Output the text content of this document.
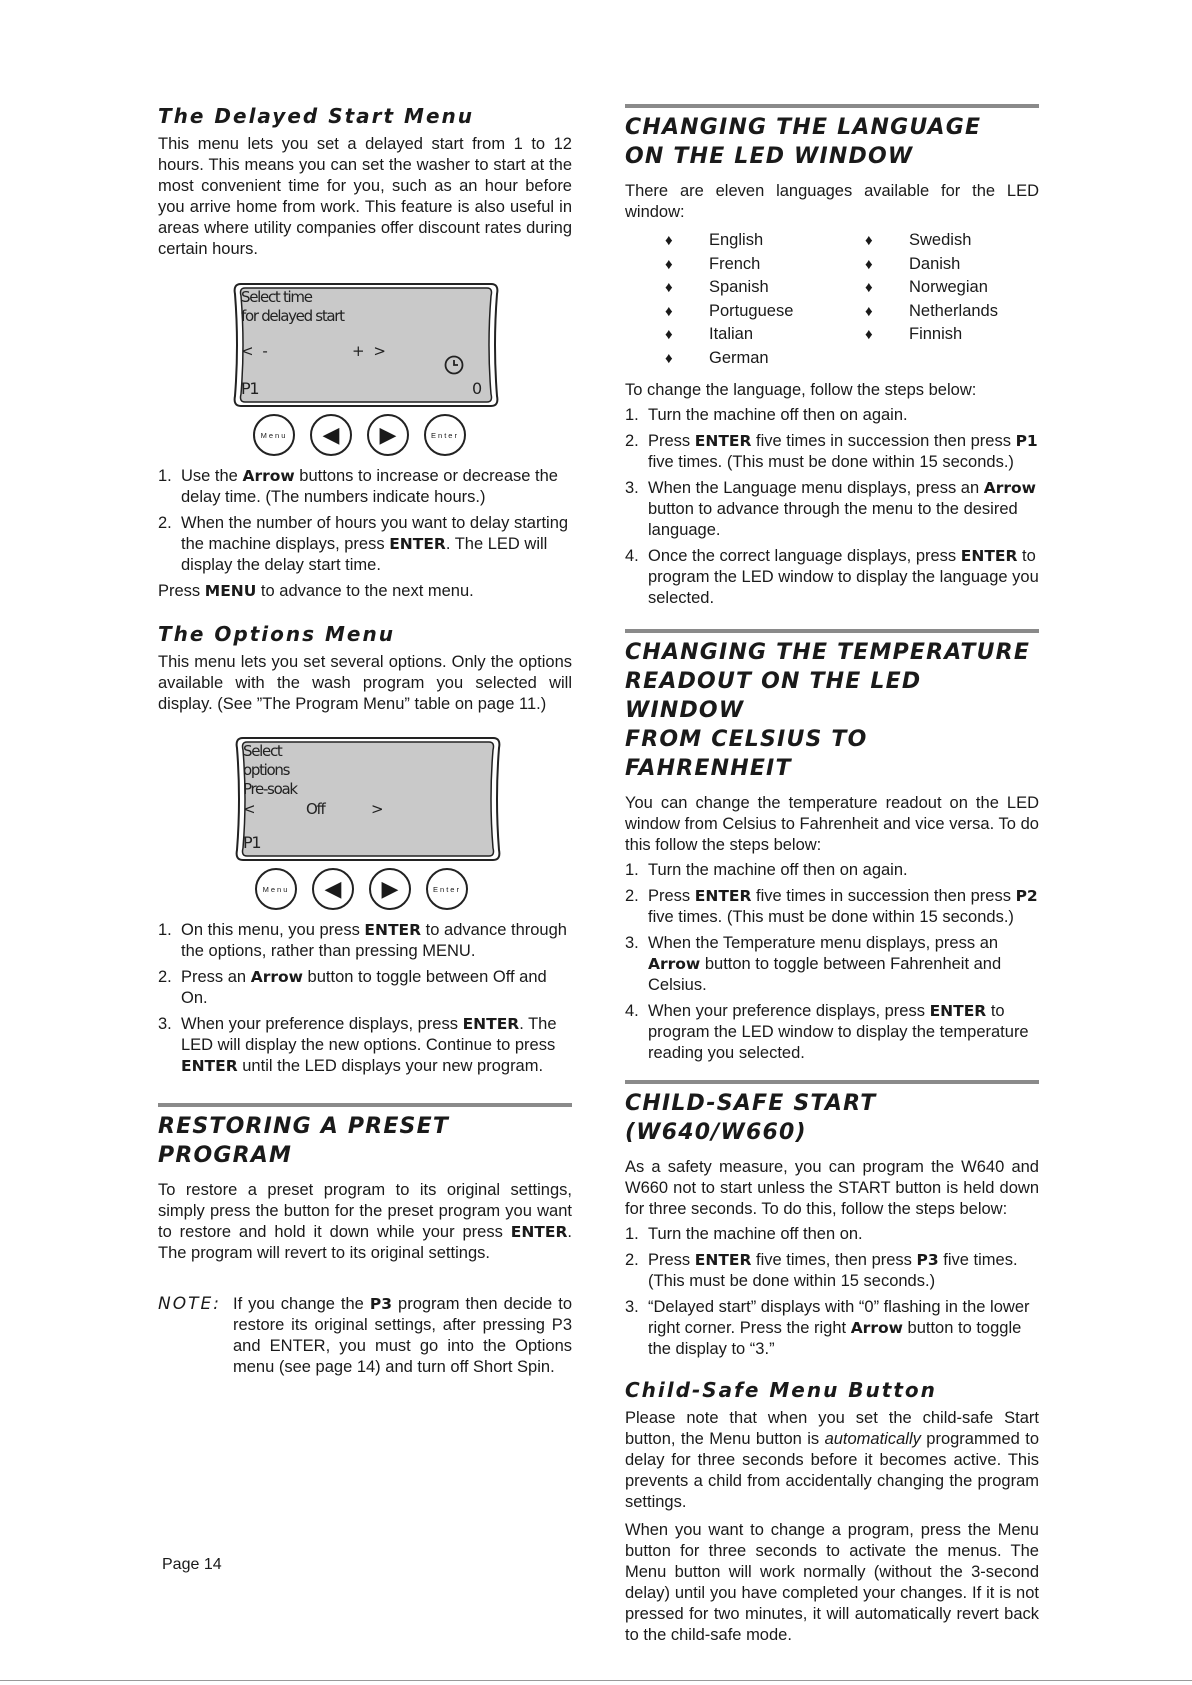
The Delayed Start Menu

This menu lets you set a delayed start from 1 to 12 hours. This means you can set the washer to start at the most convenient time for you, such as an hour before you arrive home from work. This feature is also useful in areas where utility companies offer discount rates during certain hours.

Select time
for delayed start
< -	+ >
P1	0
Menu	◀ ▶	Enter
1. Use the Arrow buttons to increase or decrease the delay time. (The numbers indicate hours.)
2. When the number of hours you want to delay starting the machine displays, press ENTER. The LED will display the delay start time.

Press MENU to advance to the next menu.

The Options Menu

This menu lets you set several options. Only the options available with the wash program you selected will display. (See ”The Program Menu” table on page 11.)

Select
options
Pre-soak
<	Off	>
P1
Menu	◀ ▶	Enter
1. On this menu, you press ENTER to advance through the options, rather than pressing MENU.
2. Press an Arrow button to toggle between Off and On.
3. When your preference displays, press ENTER. The LED will display the new options. Continue to press ENTER until the LED displays your new program.
RESTORING A PRESET
PROGRAM

To restore a preset program to its original settings, simply press the button for the preset program you want to restore and hold it down while your press ENTER. The program will revert to its original settings.

NOTE: If you change the P3 program then decide to restore its original settings, after pressing P3 and ENTER, you must go into the Options menu (see page 14) and turn off Short Spin.
CHANGING THE LANGUAGE
ON THE LED WINDOW

There are eleven languages available for the LED window:

♦	English
♦	French
♦	Spanish
♦	Portuguese
♦	Italian
♦	German
♦	Swedish
♦	Danish
♦	Norwegian
♦	Netherlands
♦	Finnish

To change the language, follow the steps below:

1. Turn the machine off then on again.
2. Press ENTER five times in succession then press P1 five times. (This must be done within 15 seconds.)
3. When the Language menu displays, press an Arrow button to advance through the menu to the desired language.
4. Once the correct language displays, press ENTER to program the LED window to display the language you selected.
CHANGING THE TEMPERATURE
READOUT ON THE LED WINDOW
FROM CELSIUS TO FAHRENHEIT

You can change the temperature readout on the LED window from Celsius to Fahrenheit and vice versa. To do this follow the steps below:

1. Turn the machine off then on again.
2. Press ENTER five times in succession then press P2 five times. (This must be done within 15 seconds.)
3. When the Temperature menu displays, press an Arrow button to toggle between Fahrenheit and Celsius.
4. When your preference displays, press ENTER to program the LED window to display the temperature reading you selected.
CHILD-SAFE START (W640/W660)

As a safety measure, you can program the W640 and W660 not to start unless the START button is held down for three seconds. To do this, follow the steps below:

1. Turn the machine off then on.
2. Press ENTER five times, then press P3 five times. (This must be done within 15 seconds.)
3. “Delayed start” displays with “0” flashing in the lower right corner. Press the right Arrow button to toggle the display to “3.”
Child-Safe Menu Button

Please note that when you set the child-safe Start button, the Menu button is automatically programmed to delay for three seconds before it becomes active. This prevents a child from accidentally changing the program settings.

When you want to change a program, press the Menu button for three seconds to activate the menus. The Menu button will work normally (without the 3-second delay) until you have completed your changes. If it is not pressed for two minutes, it will automatically revert back to the child-safe mode.

Page 14
